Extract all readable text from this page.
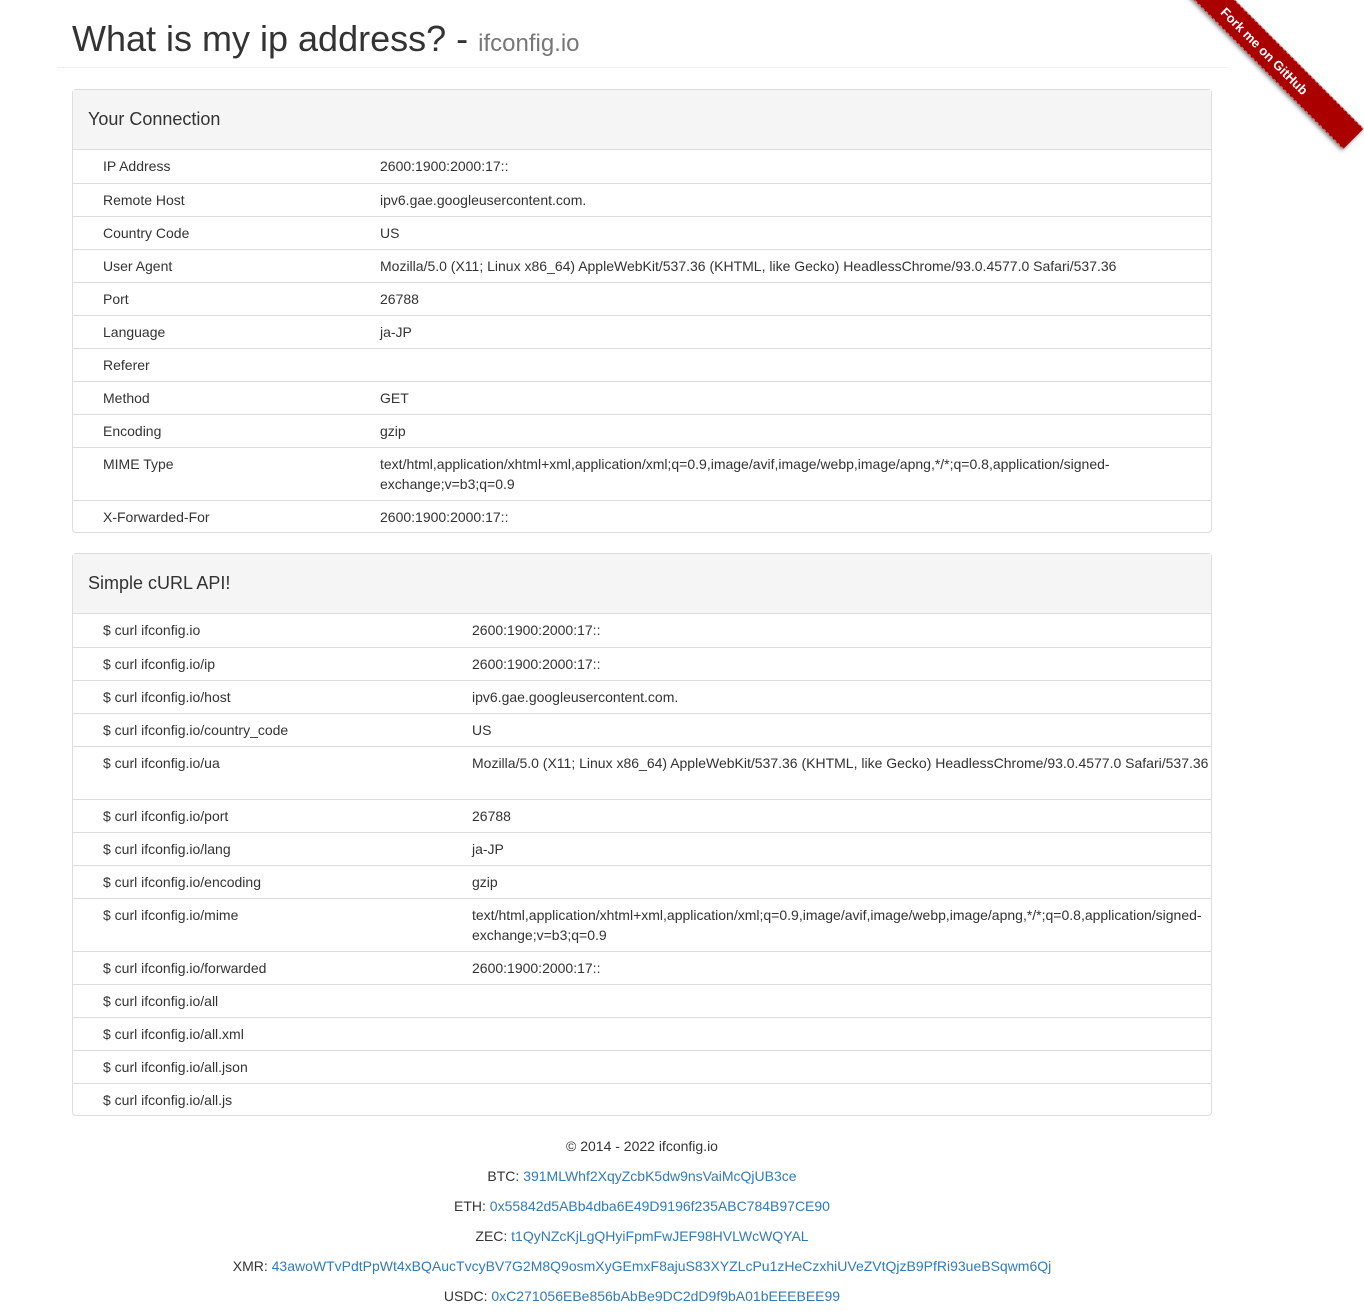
What is my ip address? - ifconfig.io	Fork me on GitHub
Your Connection
IP Address	2600:1900:2000:17::
Remote Host	ipv6.gae.googleusercontent.com.
Country Code	US
User Agent	Mozilla/5.0 (X11; Linux x86_64) AppleWebKit/537.36 (KHTML, like Gecko) HeadlessChrome/93.0.4577.0 Safari/537.36
Port	26788
Language	ja-JP
Referer
Method	GET
Encoding	gzip
MIME Type	text/html,application/xhtml+xml,application/xml;q=0.9,image/avif,image/webp,image/apng,*/*;q=0.8,application/signed-exchange;v=b3;q=0.9
X-Forwarded-For	2600:1900:2000:17::
Simple cURL API!
$ curl ifconfig.io	2600:1900:2000:17::
$ curl ifconfig.io/ip	2600:1900:2000:17::
$ curl ifconfig.io/host	ipv6.gae.googleusercontent.com.
$ curl ifconfig.io/country_code	US
$ curl ifconfig.io/ua	Mozilla/5.0 (X11; Linux x86_64) AppleWebKit/537.36 (KHTML, like Gecko) HeadlessChrome/93.0.4577.0 Safari/537.36
$ curl ifconfig.io/port	26788
$ curl ifconfig.io/lang	ja-JP
$ curl ifconfig.io/encoding	gzip
$ curl ifconfig.io/mime	text/html,application/xhtml+xml,application/xml;q=0.9,image/avif,image/webp,image/apng,*/*;q=0.8,application/signed-exchange;v=b3;q=0.9
$ curl ifconfig.io/forwarded	2600:1900:2000:17::
$ curl ifconfig.io/all
$ curl ifconfig.io/all.xml
$ curl ifconfig.io/all.json
$ curl ifconfig.io/all.js

© 2014 - 2022 ifconfig.io

BTC: 391MLWhf2XqyZcbK5dw9nsVaiMcQjUB3ce

ETH: 0x55842d5ABb4dba6E49D9196f235ABC784B97CE90

ZEC: t1QyNZcKjLgQHyiFpmFwJEF98HVLWcWQYAL

XMR: 43awoWTvPdtPpWt4xBQAucTvcyBV7G2M8Q9osmXyGEmxF8ajuS83XYZLcPu1zHeCzxhiUVeZVtQjzB9PfRi93ueBSqwm6Qj

USDC: 0xC271056EBe856bAbBe9DC2dD9f9bA01bEEEBEE99
